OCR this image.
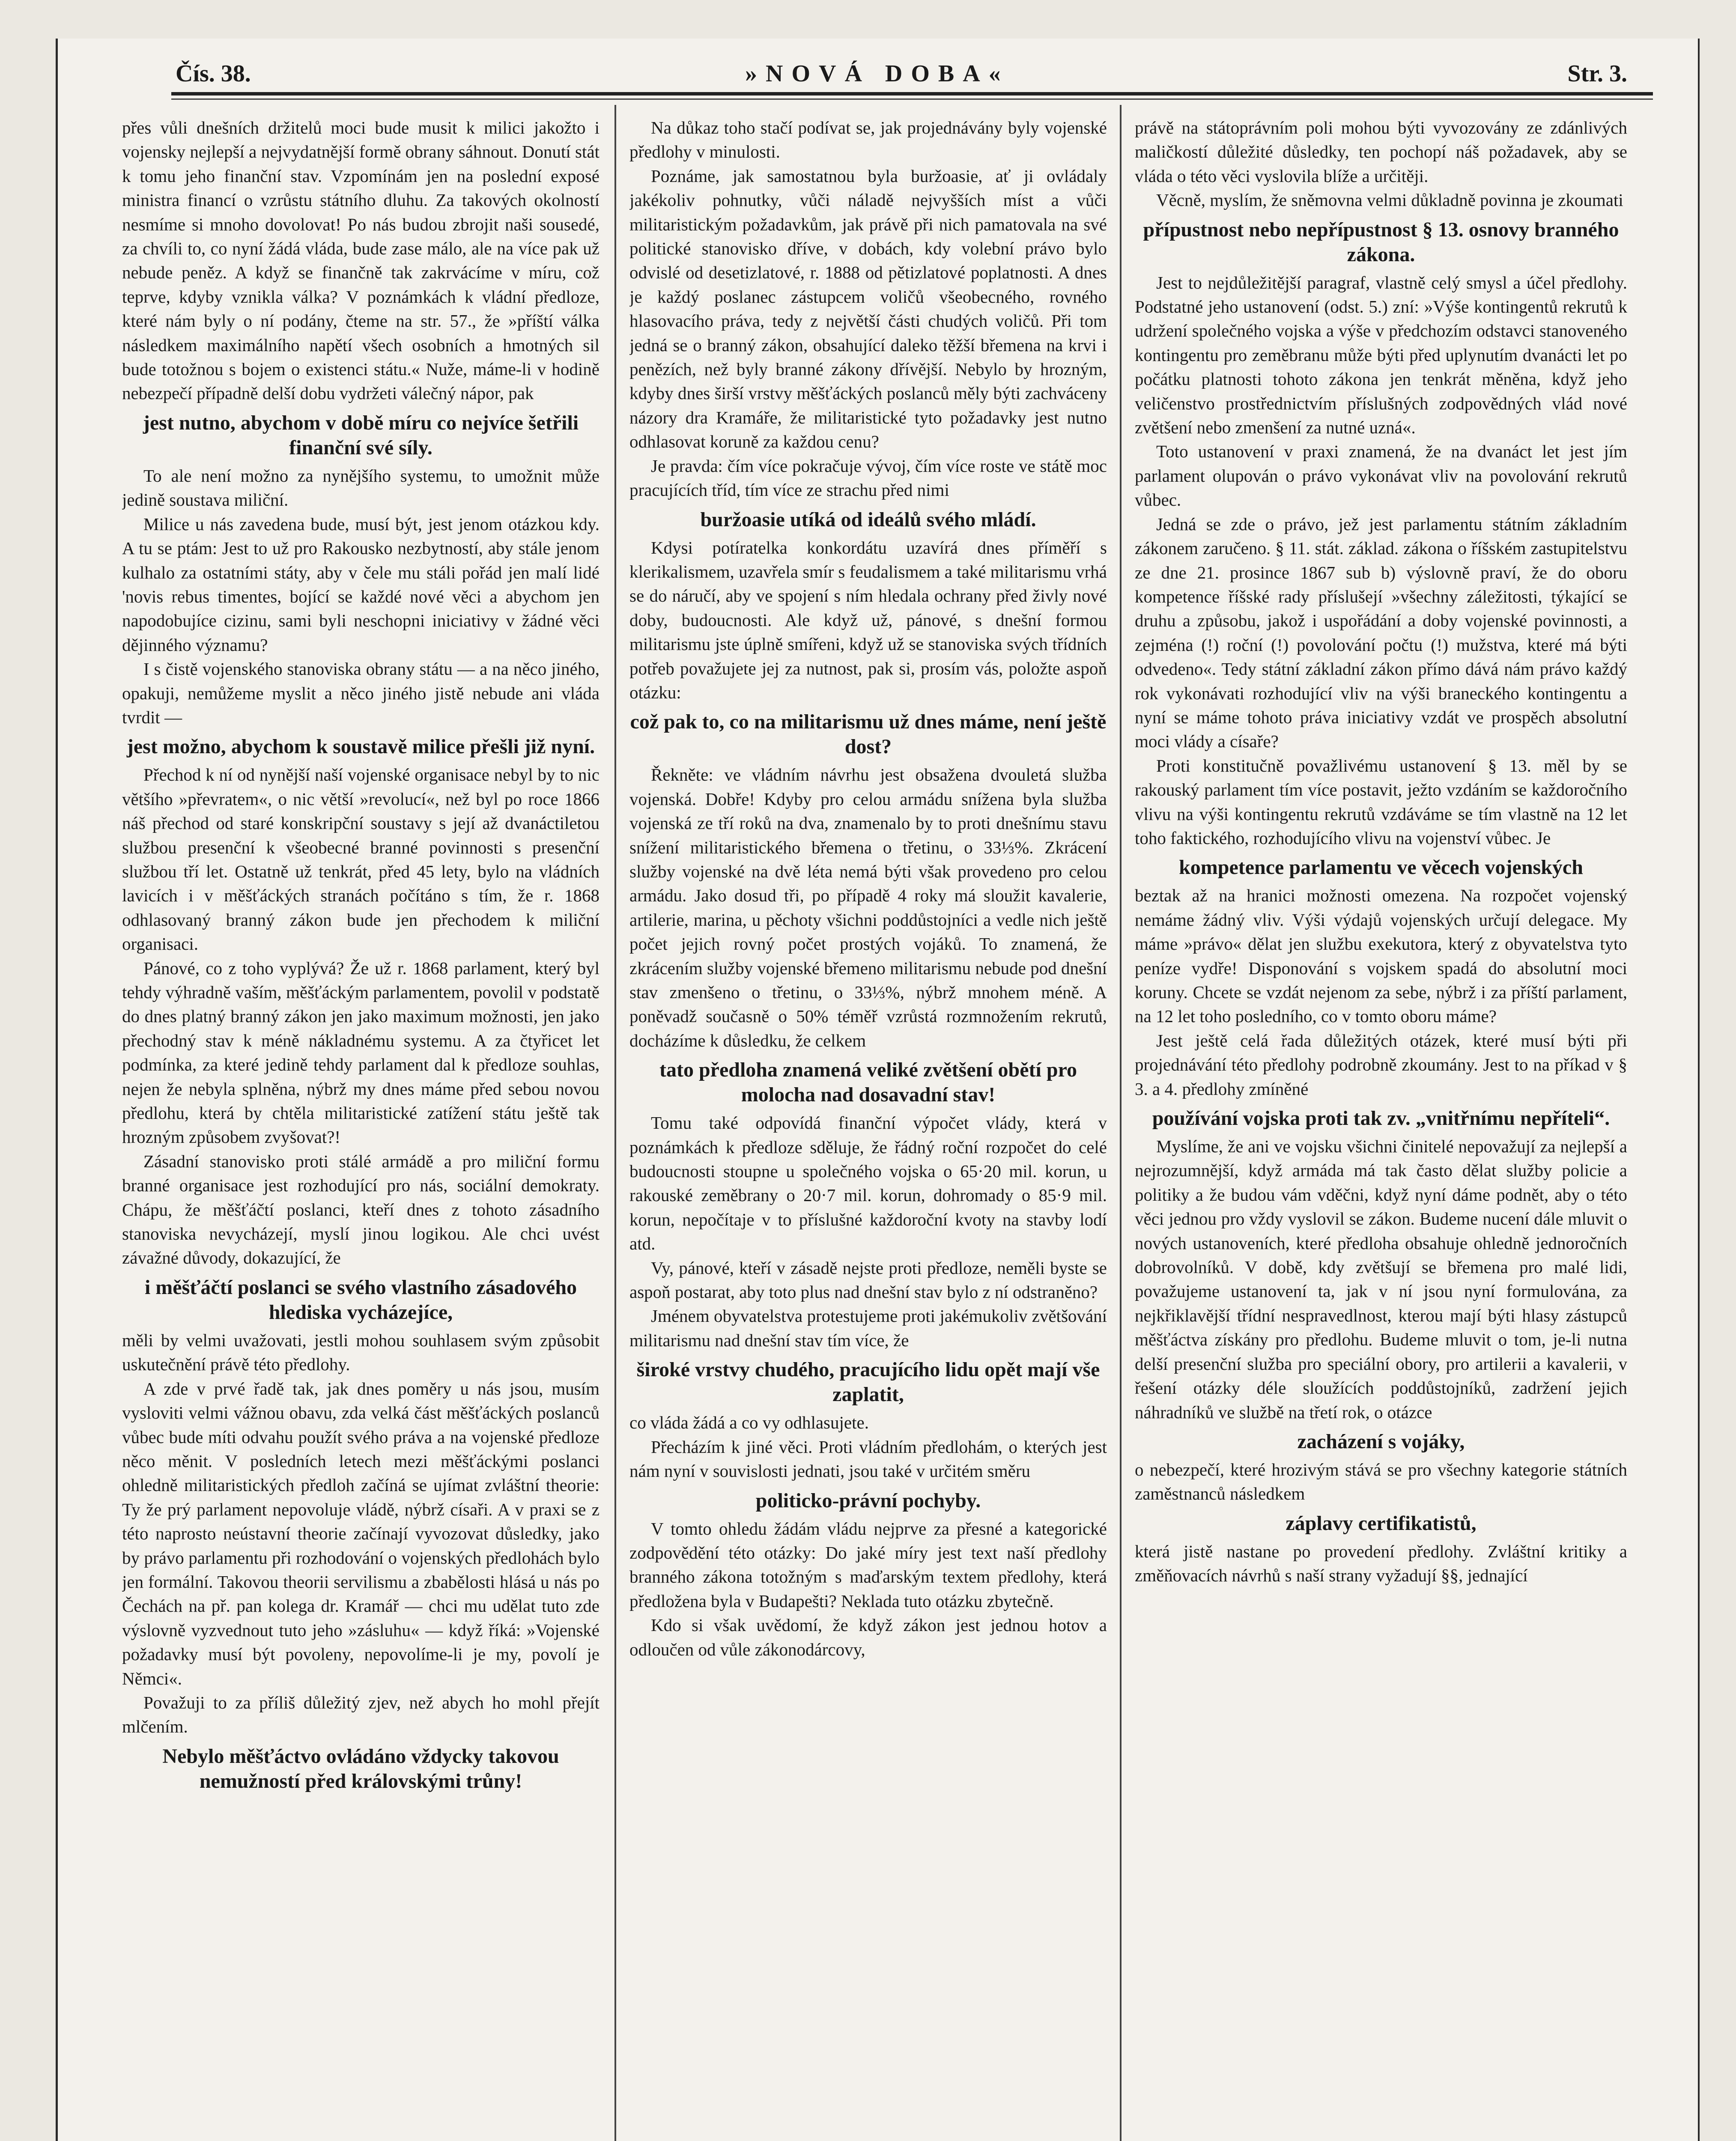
Čís. 38.	»NOVÁ DOBA«	Str. 3.

přes vůli dnešních držitelů moci bude musit k milici jakožto i vojensky nejlepší a nejvydatnější formě obrany sáhnout. Donutí stát k tomu jeho finanční stav. Vzpomínám jen na poslední exposé ministra financí o vzrůstu státního dluhu. Za takových okolností nesmíme si mnoho dovolovat! Po nás budou zbrojit naši sousedé, za chvíli to, co nyní žádá vláda, bude zase málo, ale na více pak už nebude peněz. A když se finančně tak zakrvácíme v míru, což teprve, kdyby vznikla válka? V poznámkách k vládní předloze, které nám byly o ní podány, čteme na str. 57., že »příští válka následkem maximálního napětí všech osobních a hmotných sil bude totožnou s bojem o existenci státu.« Nuže, máme-li v hodině nebezpečí případně delší dobu vydržeti válečný nápor, pak

jest nutno, abychom v době míru co nejvíce šetřili finanční své síly.

To ale není možno za nynějšího systemu, to umožnit může jedině soustava miliční.

Milice u nás zavedena bude, musí být, jest jenom otázkou kdy. A tu se ptám: Jest to už pro Rakousko nezbytností, aby stále jenom kulhalo za ostatními státy, aby v čele mu stáli pořád jen malí lidé 'novis rebus timentes, bojící se každé nové věci a abychom jen napodobujíce cizinu, sami byli neschopni iniciativy v žádné věci dějinného významu?

I s čistě vojenského stanoviska obrany státu — a na něco jiného, opakuji, nemůžeme myslit a něco jiného jistě nebude ani vláda tvrdit —

jest možno, abychom k soustavě milice přešli již nyní.

Přechod k ní od nynější naší vojenské organisace nebyl by to nic většího »převratem«, o nic větší »revolucí«, než byl po roce 1866 náš přechod od staré konskripční soustavy s její až dvanáctiletou službou presenční k všeobecné branné povinnosti s presenční službou tří let. Ostatně už tenkrát, před 45 lety, bylo na vládních lavicích i v měšťáckých stranách počítáno s tím, že r. 1868 odhlasovaný branný zákon bude jen přechodem k miliční organisaci.

Pánové, co z toho vyplývá? Že už r. 1868 parlament, který byl tehdy výhradně vaším, měšťáckým parlamentem, povolil v podstatě do dnes platný branný zákon jen jako maximum možnosti, jen jako přechodný stav k méně nákladnému systemu. A za čtyřicet let podmínka, za které jedině tehdy parlament dal k předloze souhlas, nejen že nebyla splněna, nýbrž my dnes máme před sebou novou předlohu, která by chtěla militaristické zatížení státu ještě tak hrozným způsobem zvyšovat?!

Zásadní stanovisko proti stálé armádě a pro miliční formu branné organisace jest rozhodující pro nás, sociální demokraty. Chápu, že měšťáčtí poslanci, kteří dnes z tohoto zásadního stanoviska nevycházejí, myslí jinou logikou. Ale chci uvést závažné důvody, dokazující, že

i měšťáčtí poslanci se svého vlastního zásadového hlediska vycházejíce,

měli by velmi uvažovati, jestli mohou souhlasem svým způsobit uskutečnění právě této předlohy.

A zde v prvé řadě tak, jak dnes poměry u nás jsou, musím vysloviti velmi vážnou obavu, zda velká část měšťáckých poslanců vůbec bude míti odvahu použít svého práva a na vojenské předloze něco měnit. V posledních letech mezi měšťáckými poslanci ohledně militaristických předloh začíná se ujímat zvláštní theorie: Ty že prý parlament nepovoluje vládě, nýbrž císaři. A v praxi se z této naprosto neústavní theorie začínají vyvozovat důsledky, jako by právo parlamentu při rozhodování o vojenských předlohách bylo jen formální. Takovou theorii servilismu a zbabělosti hlásá u nás po Čechách na př. pan kolega dr. Kramář — chci mu udělat tuto zde výslovně vyzvednout tuto jeho »zásluhu« — když říká: »Vojenské požadavky musí být povoleny, nepovolíme-li je my, povolí je Němci«.

Považuji to za příliš důležitý zjev, než abych ho mohl přejít mlčením.

Nebylo měšťáctvo ovládáno vždycky takovou nemužností před královskými trůny!

Na důkaz toho stačí podívat se, jak projednávány byly vojenské předlohy v minulosti.

Poznáme, jak samostatnou byla buržoasie, ať ji ovládaly jakékoliv pohnutky, vůči náladě nejvyšších míst a vůči militaristickým požadavkům, jak právě při nich pamatovala na své politické stanovisko dříve, v dobách, kdy volební právo bylo odvislé od desetizlatové, r. 1888 od pětizlatové poplatnosti. A dnes je každý poslanec zástupcem voličů všeobecného, rovného hlasovacího práva, tedy z největší části chudých voličů. Při tom jedná se o branný zákon, obsahující daleko těžší břemena na krvi i penězích, než byly branné zákony dřívější. Nebylo by hrozným, kdyby dnes širší vrstvy měšťáckých poslanců měly býti zachváceny názory dra Kramáře, že militaristické tyto požadavky jest nutno odhlasovat koruně za každou cenu?

Je pravda: čím více pokračuje vývoj, čím více roste ve státě moc pracujících tříd, tím více ze strachu před nimi

buržoasie utíká od ideálů svého mládí.

Kdysi potíratelka konkordátu uzavírá dnes příměří s klerikalismem, uzavřela smír s feudalismem a také militarismu vrhá se do náručí, aby ve spojení s ním hledala ochrany před živly nové doby, budoucnosti. Ale když už, pánové, s dnešní formou militarismu jste úplně smířeni, když už se stanoviska svých třídních potřeb považujete jej za nutnost, pak si, prosím vás, položte aspoň otázku:

což pak to, co na militarismu už dnes máme, není ještě dost?

Řekněte: ve vládním návrhu jest obsažena dvouletá služba vojenská. Dobře! Kdyby pro celou armádu snížena byla služba vojenská ze tří roků na dva, znamenalo by to proti dnešnímu stavu snížení militaristického břemena o třetinu, o 33⅓%. Zkrácení služby vojenské na dvě léta nemá býti však provedeno pro celou armádu. Jako dosud tři, po případě 4 roky má sloužit kavalerie, artilerie, marina, u pěchoty všichni poddůstojníci a vedle nich ještě počet jejich rovný počet prostých vojáků. To znamená, že zkrácením služby vojenské břemeno militarismu nebude pod dnešní stav zmenšeno o třetinu, o 33⅓%, nýbrž mnohem méně. A poněvadž současně o 50% téměř vzrůstá rozmnožením rekrutů, docházíme k důsledku, že celkem

tato předloha znamená veliké zvětšení obětí pro molocha nad dosavadní stav!

Tomu také odpovídá finanční výpočet vlády, která v poznámkách k předloze sděluje, že řádný roční rozpočet do celé budoucnosti stoupne u společného vojska o 65·20 mil. korun, u rakouské zeměbrany o 20·7 mil. korun, dohromady o 85·9 mil. korun, nepočítaje v to příslušné každoroční kvoty na stavby lodí atd.

Vy, pánové, kteří v zásadě nejste proti předloze, neměli byste se aspoň postarat, aby toto plus nad dnešní stav bylo z ní odstraněno?

Jménem obyvatelstva protestujeme proti jakémukoliv zvětšování militarismu nad dnešní stav tím více, že

široké vrstvy chudého, pracujícího lidu opět mají vše zaplatit,

co vláda žádá a co vy odhlasujete.

Přecházím k jiné věci. Proti vládním předlohám, o kterých jest nám nyní v souvislosti jednati, jsou také v určitém směru

politicko-právní pochyby.

V tomto ohledu žádám vládu nejprve za přesné a kategorické zodpovědění této otázky: Do jaké míry jest text naší předlohy branného zákona totožným s maďarským textem předlohy, která předložena byla v Budapešti? Neklada tuto otázku zbytečně.

Kdo si však uvědomí, že když zákon jest jednou hotov a odloučen od vůle zákonodárcovy,

právě na státoprávním poli mohou býti vyvozovány ze zdánlivých maličkostí důležité důsledky, ten pochopí náš požadavek, aby se vláda o této věci vyslovila blíže a určitěji.

Věcně, myslím, že sněmovna velmi důkladně povinna je zkoumati

přípustnost nebo nepřípustnost § 13. osnovy branného zákona.

Jest to nejdůležitější paragraf, vlastně celý smysl a účel předlohy. Podstatné jeho ustanovení (odst. 5.) zní: »Výše kontingentů rekrutů k udržení společného vojska a výše v předchozím odstavci stanoveného kontingentu pro zeměbranu může býti před uplynutím dvanácti let po počátku platnosti tohoto zákona jen tenkrát měněna, když jeho veličenstvo prostřednictvím příslušných zodpovědných vlád nové zvětšení nebo zmenšení za nutné uzná«.

Toto ustanovení v praxi znamená, že na dvanáct let jest jím parlament olupován o právo vykonávat vliv na povolování rekrutů vůbec.

Jedná se zde o právo, jež jest parlamentu státním základním zákonem zaručeno. § 11. stát. základ. zákona o říšském zastupitelstvu ze dne 21. prosince 1867 sub b) výslovně praví, že do oboru kompetence říšské rady příslušejí »všechny záležitosti, týkající se druhu a způsobu, jakož i uspořádání a doby vojenské povinnosti, a zejména (!) roční (!) povolování počtu (!) mužstva, které má býti odvedeno«. Tedy státní základní zákon přímo dává nám právo každý rok vykonávati rozhodující vliv na výši braneckého kontingentu a nyní se máme tohoto práva iniciativy vzdát ve prospěch absolutní moci vlády a císaře?

Proti konstitučně považlivému ustanovení § 13. měl by se rakouský parlament tím více postavit, ježto vzdáním se každoročního vlivu na výši kontingentu rekrutů vzdáváme se tím vlastně na 12 let toho faktického, rozhodujícího vlivu na vojenství vůbec. Je

kompetence parlamentu ve věcech vojenských

beztak až na hranici možnosti omezena. Na rozpočet vojenský nemáme žádný vliv. Výši výdajů vojenských určují delegace. My máme »právo« dělat jen službu exekutora, který z obyvatelstva tyto peníze vydře! Disponování s vojskem spadá do absolutní moci koruny. Chcete se vzdát nejenom za sebe, nýbrž i za příští parlament, na 12 let toho posledního, co v tomto oboru máme?

Jest ještě celá řada důležitých otázek, které musí býti při projednávání této předlohy podrobně zkoumány. Jest to na příkad v § 3. a 4. předlohy zmíněné

používání vojska proti tak zv. „vnitřnímu nepříteli“.

Myslíme, že ani ve vojsku všichni činitelé nepovažují za nejlepší a nejrozumnější, když armáda má tak často dělat služby policie a politiky a že budou vám vděčni, když nyní dáme podnět, aby o této věci jednou pro vždy vyslovil se zákon. Budeme nucení dále mluvit o nových ustanoveních, které předloha obsahuje ohledně jednoročních dobrovolníků. V době, kdy zvětšují se břemena pro malé lidi, považujeme ustanovení ta, jak v ní jsou nyní formulována, za nejkřiklavější třídní nespravedlnost, kterou mají býti hlasy zástupců měšťáctva získány pro předlohu. Budeme mluvit o tom, je-li nutna delší presenční služba pro speciální obory, pro artilerii a kavalerii, v řešení otázky déle sloužících poddůstojníků, zadržení jejich náhradníků ve službě na třetí rok, o otázce

zacházení s vojáky,

o nebezpečí, které hrozivým stává se pro všechny kategorie státních zaměstnanců následkem

záplavy certifikatistů,

která jistě nastane po provedení předlohy. Zvláštní kritiky a změňovacích návrhů s naší strany vyžadují §§, jednající
